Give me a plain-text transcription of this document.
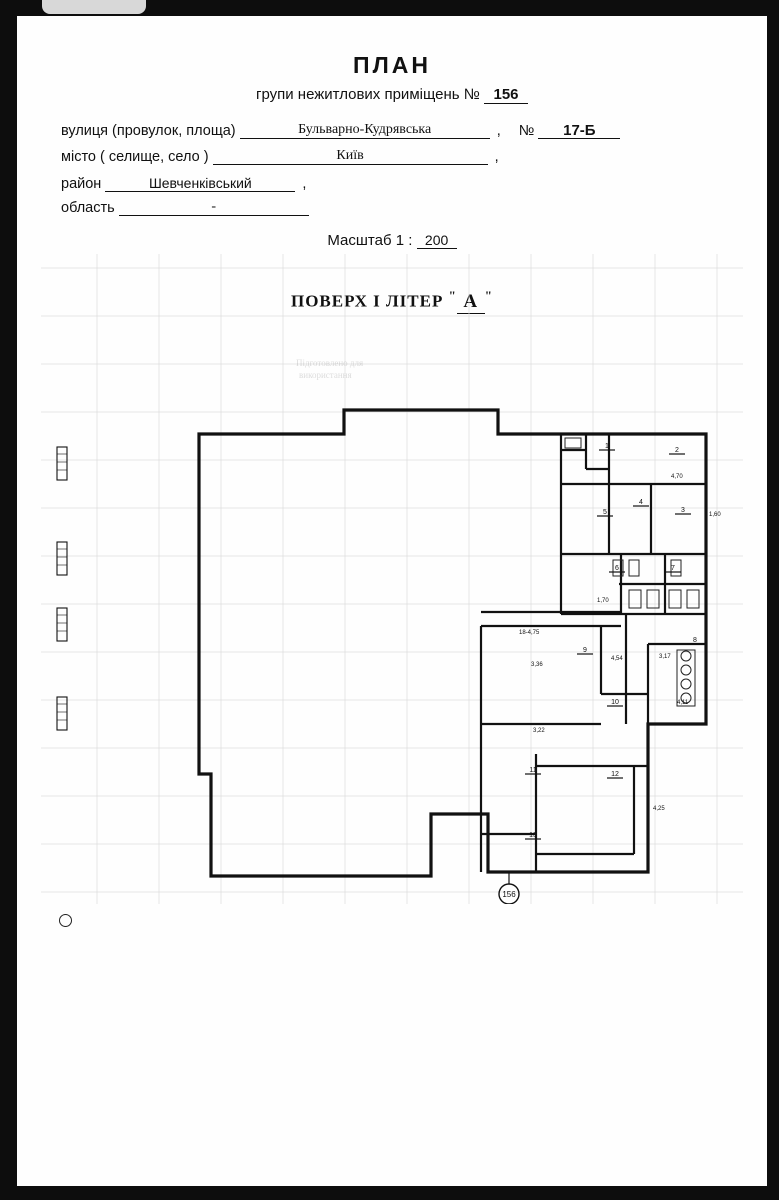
ПЛАН
групи нежитлових приміщень № 156
вулиця (провулок, площа)	Бульварно-Кудрявська	, № 17-Б
місто ( селище, село )	Київ	,
район	Шевченківський	,
область	-
Масштаб 1 : 200
ПОВЕРХ І ЛІТЕР " А "
Підготовлено для
використання
1
2
3
4
5
6	7
8
9
10
11
12
13
4,70
1,60
1,70
3,17
4,11
4,54
3,36
3,22
4,25
18-4,75
156
